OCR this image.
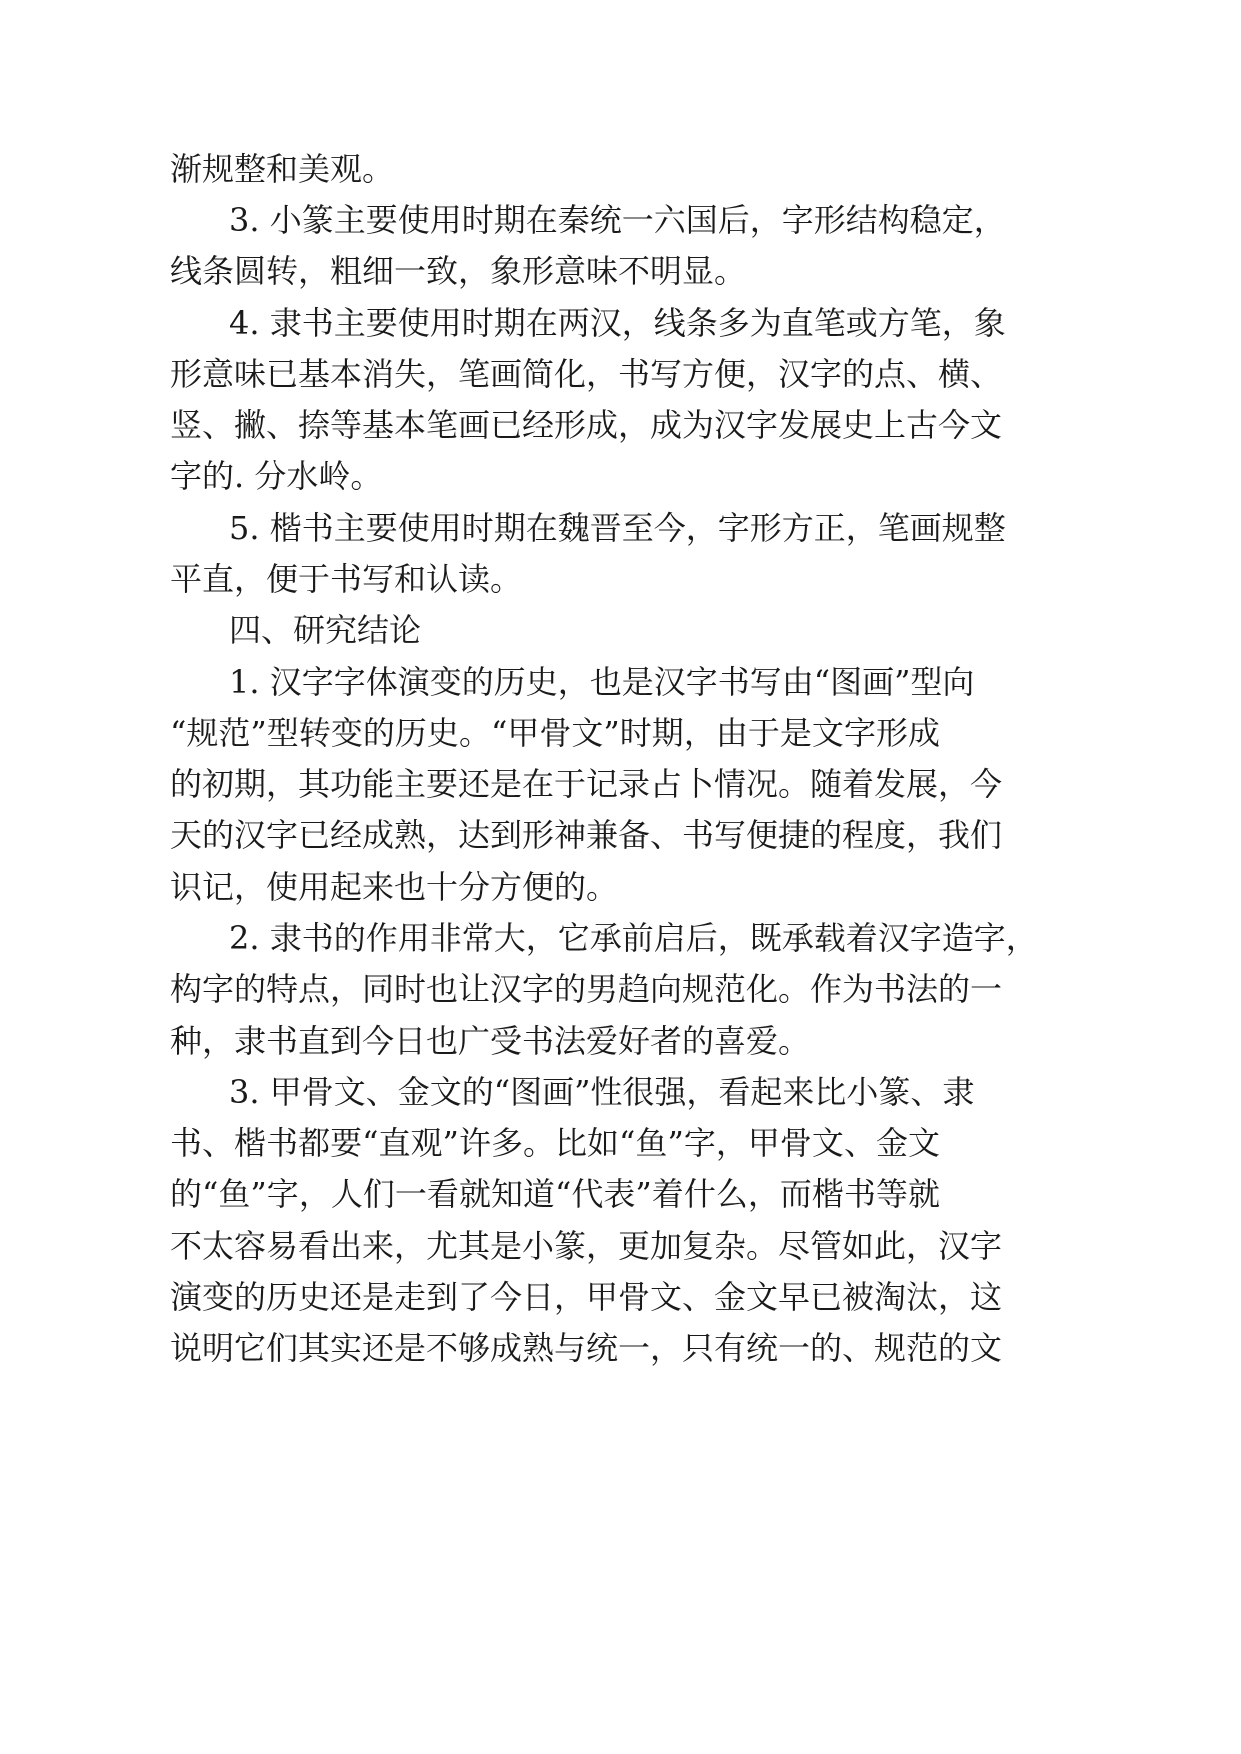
渐规整和美观。
3. 小篆主要使用时期在秦统一六国后，字形结构稳定，
线条圆转，粗细一致，象形意味不明显。
4. 隶书主要使用时期在两汉，线条多为直笔或方笔，象
形意味已基本消失，笔画简化，书写方便，汉字的点、横、
竖、撇、捺等基本笔画已经形成，成为汉字发展史上古今文
字的. 分水岭。
5. 楷书主要使用时期在魏晋至今，字形方正，笔画规整
平直，便于书写和认读。
四、研究结论
1. 汉字字体演变的历史，也是汉字书写由“图画”型向
“规范”型转变的历史。“甲骨文”时期，由于是文字形成
的初期，其功能主要还是在于记录占卜情况。随着发展，今
天的汉字已经成熟，达到形神兼备、书写便捷的程度，我们
识记，使用起来也十分方便的。
2. 隶书的作用非常大，它承前启后，既承载着汉字造字，
构字的特点，同时也让汉字的男趋向规范化。作为书法的一
种，隶书直到今日也广受书法爱好者的喜爱。
3. 甲骨文、金文的“图画”性很强，看起来比小篆、隶
书、楷书都要“直观”许多。比如“鱼”字，甲骨文、金文
的“鱼”字，人们一看就知道“代表”着什么，而楷书等就
不太容易看出来，尤其是小篆，更加复杂。尽管如此，汉字
演变的历史还是走到了今日，甲骨文、金文早已被淘汰，这
说明它们其实还是不够成熟与统一，只有统一的、规范的文
